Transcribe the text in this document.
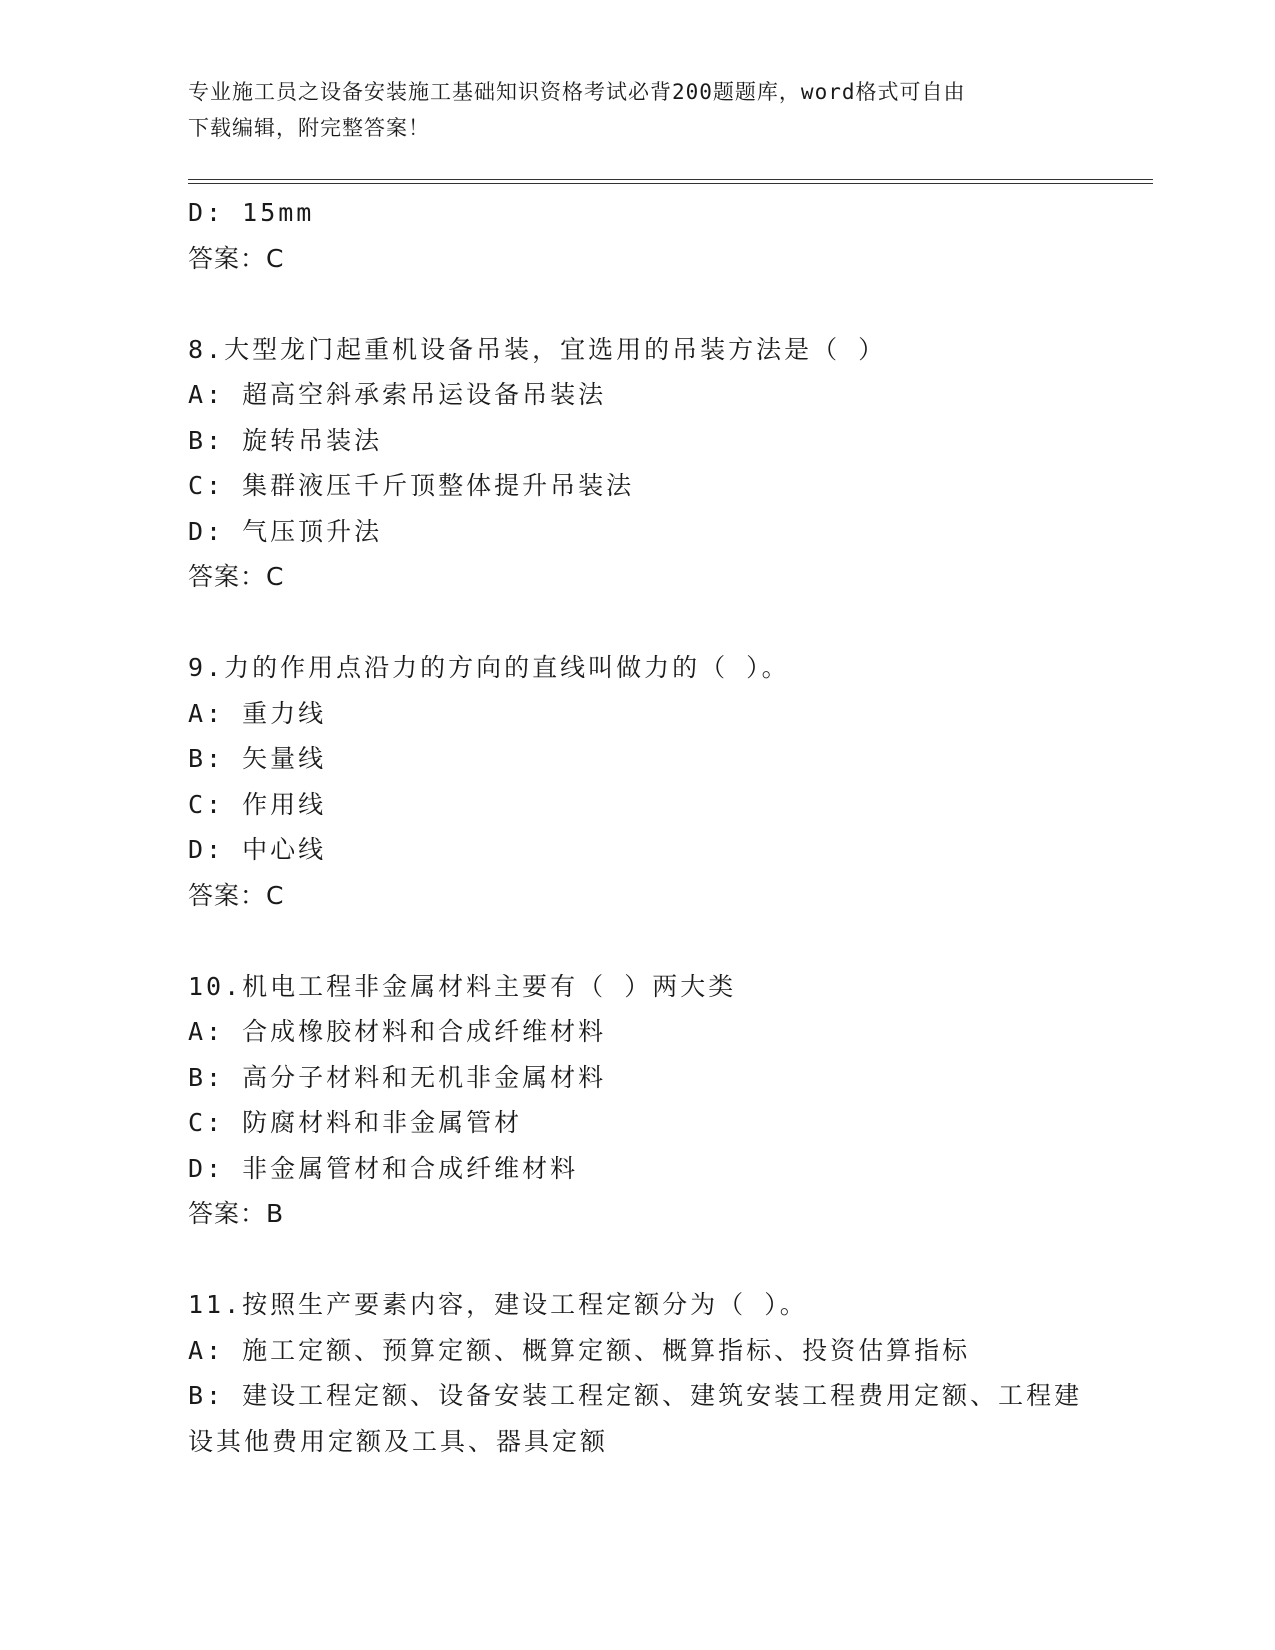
专业施工员之设备安装施工基础知识资格考试必背200题题库，word格式可自由
下载编辑，附完整答案！
D: 15mm
答案：C
8.大型龙门起重机设备吊装，宜选用的吊装方法是（ ）
A: 超高空斜承索吊运设备吊装法
B: 旋转吊装法
C: 集群液压千斤顶整体提升吊装法
D: 气压顶升法
答案：C
9.力的作用点沿力的方向的直线叫做力的（ ）。
A: 重力线
B: 矢量线
C: 作用线
D: 中心线
答案：C
10.机电工程非金属材料主要有（ ）两大类
A: 合成橡胶材料和合成纤维材料
B: 高分子材料和无机非金属材料
C: 防腐材料和非金属管材
D: 非金属管材和合成纤维材料
答案：B
11.按照生产要素内容，建设工程定额分为（ ）。
A: 施工定额、预算定额、概算定额、概算指标、投资估算指标
B: 建设工程定额、设备安装工程定额、建筑安装工程费用定额、工程建设其他费用定额及工具、器具定额
